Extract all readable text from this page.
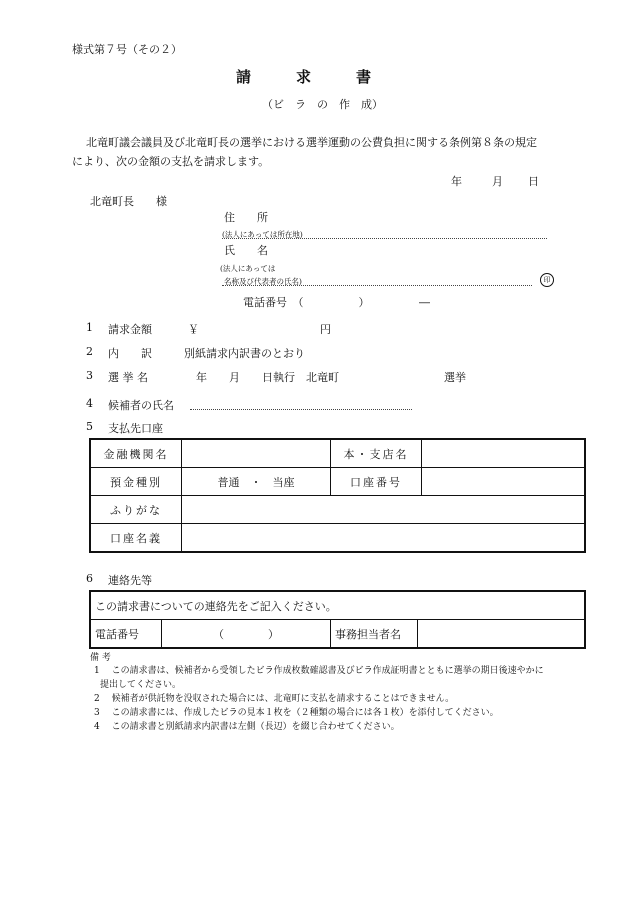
様式第７号（その２）
請　　　求　　　書
（ビ　ラ　の　作　成）
北竜町議会議員及び北竜町長の選挙における選挙運動の公費負担に関する条例第８条の規定
により、次の金額の支払を請求します。
年	月 日
北竜町長　　様
住　　所
(法人にあっては所在地)
氏　　名
(法人にあっては
名称及び代表者の氏名)	印
電話番号　（　　　　　）　　　　　―
1 請求金額	￥	円
2 内　　訳	別紙請求内訳書のとおり
3 選 挙 名	年　　月　　日執行　北竜町	選挙
4 候補者の氏名
5 支払先口座
金融機関名		本・支店名	
預金種別	普通　・　当座	口座番号	
ふりがな			
口座名義			
6 連絡先等
この請求書についての連絡先をご記入ください。
電話番号	（　　　　）	事務担当者名	
備 考
1　 この請求書は、候補者から受領したビラ作成枚数確認書及びビラ作成証明書とともに選挙の期日後速やかに
提出してください。
2　 候補者が供託物を没収された場合には、北竜町に支払を請求することはできません。
3　 この請求書には、作成したビラの見本１枚を（２種類の場合には各１枚）を添付してください。
4　 この請求書と別紙請求内訳書は左側（長辺）を綴じ合わせてください。
